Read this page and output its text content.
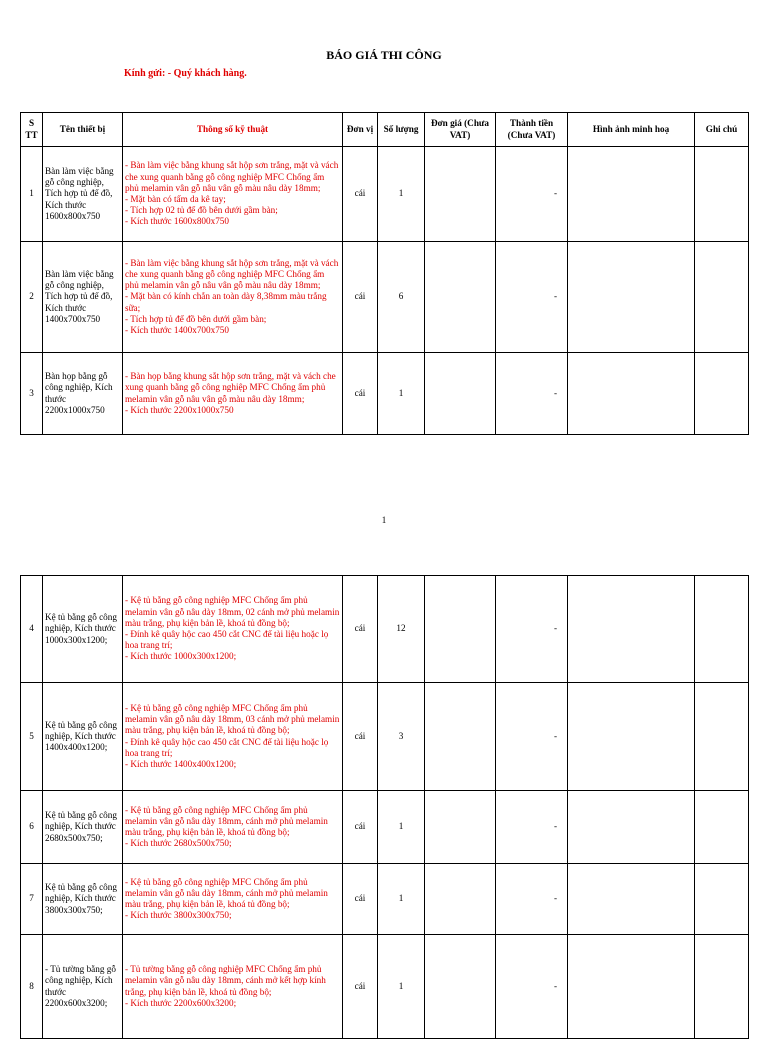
BÁO GIÁ THI CÔNG
Kính gửi: - Quý khách hàng.
S TT	Tên thiết bị	Thông số kỹ thuật	Đơn vị	Số lượng	Đơn giá (Chưa VAT)	Thành tiền (Chưa VAT)	Hình ảnh minh hoạ	Ghi chú
1	Bàn làm việc bằng gỗ công nghiệp, Tích hợp tủ để đồ, Kích thước 1600x800x750	- Bàn làm việc bằng khung sắt hộp sơn trắng, mặt và vách che xung quanh bằng gỗ công nghiệp MFC Chống ẩm phủ melamin vân gỗ nâu vân gỗ màu nâu dày 18mm;
- Mặt bàn có tấm da kê tay;
- Tích hợp 02 tủ để đồ bên dưới gầm bàn;
- Kích thước 1600x800x750	cái	1		-		
2	Bàn làm việc bằng gỗ công nghiệp, Tích hợp tủ để đồ, Kích thước 1400x700x750	- Bàn làm việc bằng khung sắt hộp sơn trắng, mặt và vách che xung quanh bằng gỗ công nghiệp MFC Chống ẩm phủ melamin vân gỗ nâu vân gỗ màu nâu dày 18mm;
- Mặt bàn có kính chắn an toàn dày 8,38mm màu trắng sữa;
- Tích hợp tủ để đồ bên dưới gầm bàn;
- Kích thước 1400x700x750	cái	6		-		
3	Bàn họp bằng gỗ công nghiệp, Kích thước 2200x1000x750	- Bàn họp bằng khung sắt hộp sơn trắng, mặt và vách che xung quanh bằng gỗ công nghiệp MFC Chống ẩm phủ melamin vân gỗ nâu vân gỗ màu nâu dày 18mm;
- Kích thước 2200x1000x750	cái	1		-		
1
4	Kệ tủ bằng gỗ công nghiệp, Kích thước 1000x300x1200;	- Kệ tủ bằng gỗ công nghiệp MFC Chống ẩm phủ melamin vân gỗ nâu dày 18mm, 02 cánh mở phủ melamin màu trắng, phụ kiện bản lề, khoá tủ đồng bộ;
- Đính kê quây hộc cao 450 cắt CNC để tài liệu hoặc lọ hoa trang trí;
- Kích thước 1000x300x1200;	cái	12		-		
5	Kệ tủ bằng gỗ công nghiệp, Kích thước 1400x400x1200;	- Kệ tủ bằng gỗ công nghiệp MFC Chống ẩm phủ melamin vân gỗ nâu dày 18mm, 03 cánh mở phủ melamin màu trắng, phụ kiện bản lề, khoá tủ đồng bộ;
- Đính kê quây hộc cao 450 cắt CNC để tài liệu hoặc lọ hoa trang trí;
- Kích thước 1400x400x1200;	cái	3		-		
6	Kệ tủ bằng gỗ công nghiệp, Kích thước 2680x500x750;	- Kệ tủ bằng gỗ công nghiệp MFC Chống ẩm phủ melamin vân gỗ nâu dày 18mm, cánh mở phủ melamin màu trắng, phụ kiện bản lề, khoá tủ đồng bộ;
- Kích thước 2680x500x750;	cái	1		-		
7	Kệ tủ bằng gỗ công nghiệp, Kích thước 3800x300x750;	- Kệ tủ bằng gỗ công nghiệp MFC Chống ẩm phủ melamin vân gỗ nâu dày 18mm, cánh mở phủ melamin màu trắng, phụ kiện bản lề, khoá tủ đồng bộ;
- Kích thước 3800x300x750;	cái	1		-		
8	- Tủ tường bằng gỗ công nghiệp, Kích thước 2200x600x3200;	- Tủ tường bằng gỗ công nghiệp MFC Chống ẩm phủ melamin vân gỗ nâu dày 18mm, cánh mở kết hợp kính trắng, phụ kiện bản lề, khoá tủ đồng bộ;
- Kích thước 2200x600x3200;	cái	1		-		
